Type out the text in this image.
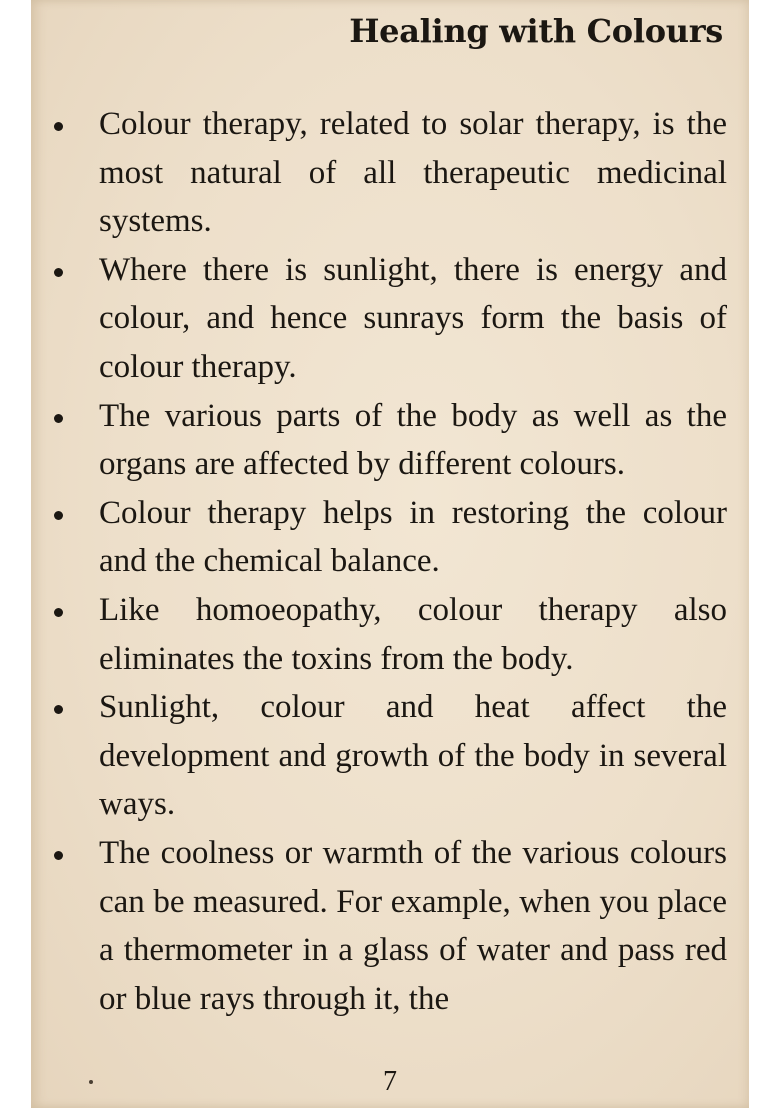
Healing with Colours
Colour therapy, related to solar therapy, is the most natural of all therapeutic medicinal systems.
Where there is sunlight, there is energy and colour, and hence sunrays form the basis of colour therapy.
The various parts of the body as well as the organs are affected by different colours.
Colour therapy helps in restoring the colour and the chemical balance.
Like homoeopathy, colour therapy also eliminates the toxins from the body.
Sunlight, colour and heat affect the development and growth of the body in several ways.
The coolness or warmth of the various colours can be measured. For example, when you place a thermometer in a glass of water and pass red or blue rays through it, the
7
